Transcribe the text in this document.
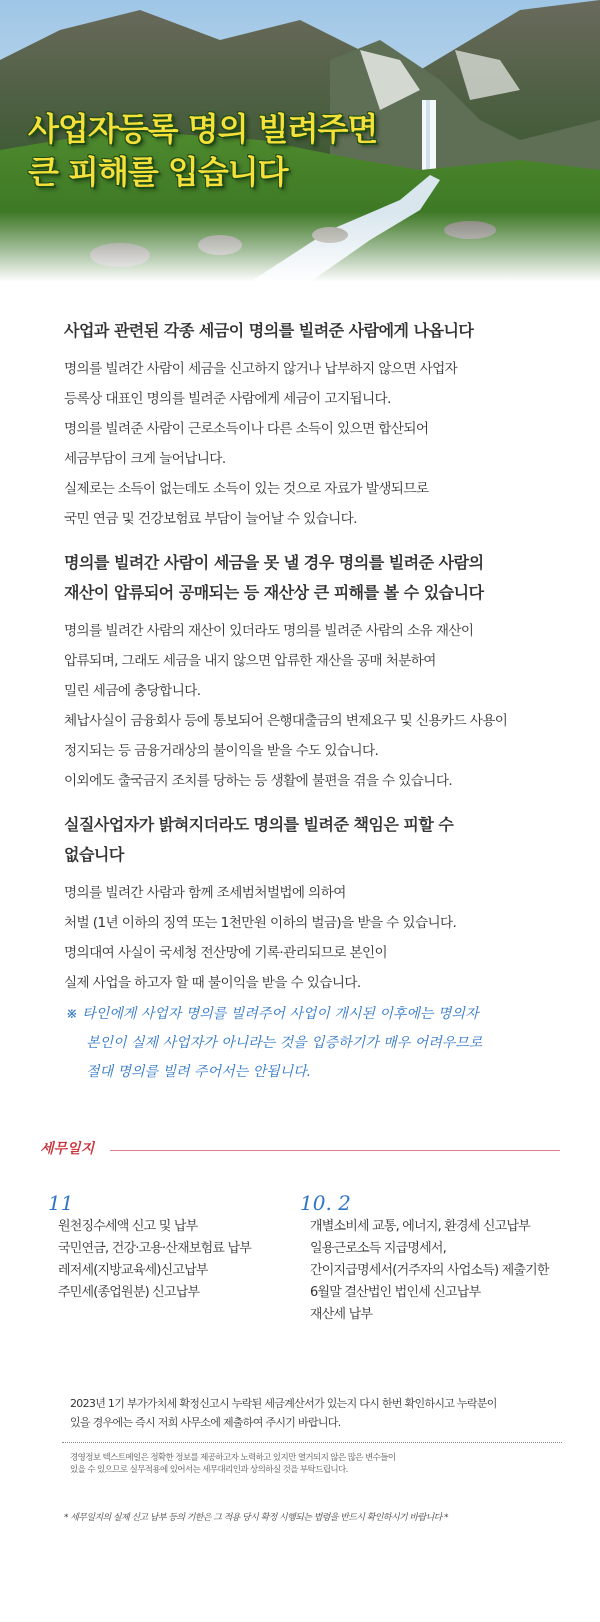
사업자등록 명의 빌려주면
큰 피해를 입습니다
사업과 관련된 각종 세금이 명의를 빌려준 사람에게 나옵니다

명의를 빌려간 사람이 세금을 신고하지 않거나 납부하지 않으면 사업자

등록상 대표인 명의를 빌려준 사람에게 세금이 고지됩니다.

명의를 빌려준 사람이 근로소득이나 다른 소득이 있으면 합산되어

세금부담이 크게 늘어납니다.

실제로는 소득이 없는데도 소득이 있는 것으로 자료가 발생되므로

국민 연금 및 건강보험료 부담이 늘어날 수 있습니다.

명의를 빌려간 사람이 세금을 못 낼 경우 명의를 빌려준 사람의
재산이 압류되어 공매되는 등 재산상 큰 피해를 볼 수 있습니다

명의를 빌려간 사람의 재산이 있더라도 명의를 빌려준 사람의 소유 재산이

압류되며, 그래도 세금을 내지 않으면 압류한 재산을 공매 처분하여

밀린 세금에 충당합니다.

체납사실이 금융회사 등에 통보되어 은행대출금의 변제요구 및 신용카드 사용이

정지되는 등 금융거래상의 불이익을 받을 수도 있습니다.

이외에도 출국금지 조치를 당하는 등 생활에 불편을 겪을 수 있습니다.

실질사업자가 밝혀지더라도 명의를 빌려준 책임은 피할 수
없습니다

명의를 빌려간 사람과 함께 조세범처벌법에 의하여

처벌 (1년 이하의 징역 또는 1천만원 이하의 벌금)을 받을 수 있습니다.

명의대여 사실이 국세청 전산망에 기록·관리되므로 본인이

실제 사업을 하고자 할 때 불이익을 받을 수 있습니다.

※ 타인에게 사업자 명의를 빌려주어 사업이 개시된 이후에는 명의자
본인이 실제 사업자가 아니라는 것을 입증하기가 매우 어려우므로
절대 명의를 빌려 주어서는 안됩니다.
세무일지
11
원천징수세액 신고 및 납부
국민연금, 건강·고용·산재보험료 납부
레저세(지방교육세)신고납부
주민세(종업원분) 신고납부
10. 2
개별소비세 교통, 에너지, 환경세 신고납부
일용근로소득 지급명세서,
간이지급명세서(거주자의 사업소득) 제출기한
6월말 결산법인 법인세 신고납부
재산세 납부
2023년 1기 부가가치세 확정신고시 누락된 세금계산서가 있는지 다시 한번 확인하시고 누락분이
있을 경우에는 즉시 저희 사무소에 제출하여 주시기 바랍니다.
경영정보 텍스트메일은 정확한 정보를 제공하고자 노력하고 있지만 열거되지 않은 많은 변수들이
있을 수 있으므로 실무적용에 있어서는 세무대리인과 상의하실 것을 부탁드립니다.
* 세무일지의 실제 신고 납부 등의 기한은 그 적용 당시 확정 시행되는 법령을 반드시 확인하시기 바랍니다 *
